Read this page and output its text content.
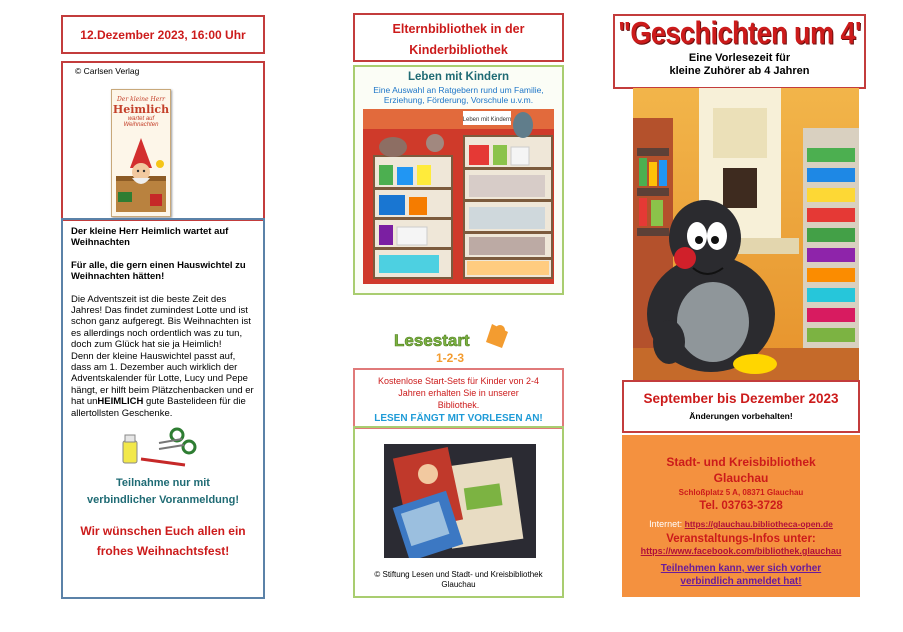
12.Dezember 2023, 16:00 Uhr
© Carlsen Verlag
Der kleine Herr
Heimlich
wartet auf
Weihnachten

Der kleine Herr Heimlich wartet auf Weihnachten

Für alle, die gern einen Hauswichtel zu Weihnachten hätten!

Die Adventszeit ist die beste Zeit des Jahres! Das findet zumindest Lotte und ist schon ganz aufgeregt. Bis Weihnachten ist es allerdings noch ordentlich was zu tun, doch zum Glück hat sie ja Heimlich!

Denn der kleine Hauswichtel passt auf, dass am 1. Dezember auch wirklich der Adventskalender für Lotte, Lucy und Pepe hängt, er hilft beim Plätzchenbacken und er hat unHEIMLICH gute Bastelideen für die allertollsten Geschenke.

Teilnahme nur mit
verbindlicher Voranmeldung!
Wir wünschen Euch allen ein
frohes Weihnachtsfest!
Elternbibliothek in der
Kinderbibliothek
Leben mit Kindern
Eine Auswahl an Ratgebern rund um Familie, Erziehung, Förderung, Vorschule u.v.m.
Leben mit Kindern
Lesestart
1-2-3
Kostenlose Start-Sets für Kinder von 2-4 Jahren erhalten Sie in unserer Bibliothek.
LESEN FÄNGT MIT VORLESEN AN!
© Stiftung Lesen und Stadt- und Kreisbibliothek Glauchau
"Geschichten um 4'
Eine Vorlesezeit für
kleine Zuhörer ab 4 Jahren
September bis Dezember 2023
Änderungen vorbehalten!
Stadt- und Kreisbibliothek
Glauchau
Schloßplatz 5 A, 08371 Glauchau
Tel. 03763-3728
Internet: https://glauchau.bibliotheca-open.de
Veranstaltungs-Infos unter:
https://www.facebook.com/bibliothek.glauchau
Teilnehmen kann, wer sich vorher
verbindlich anmeldet hat!
